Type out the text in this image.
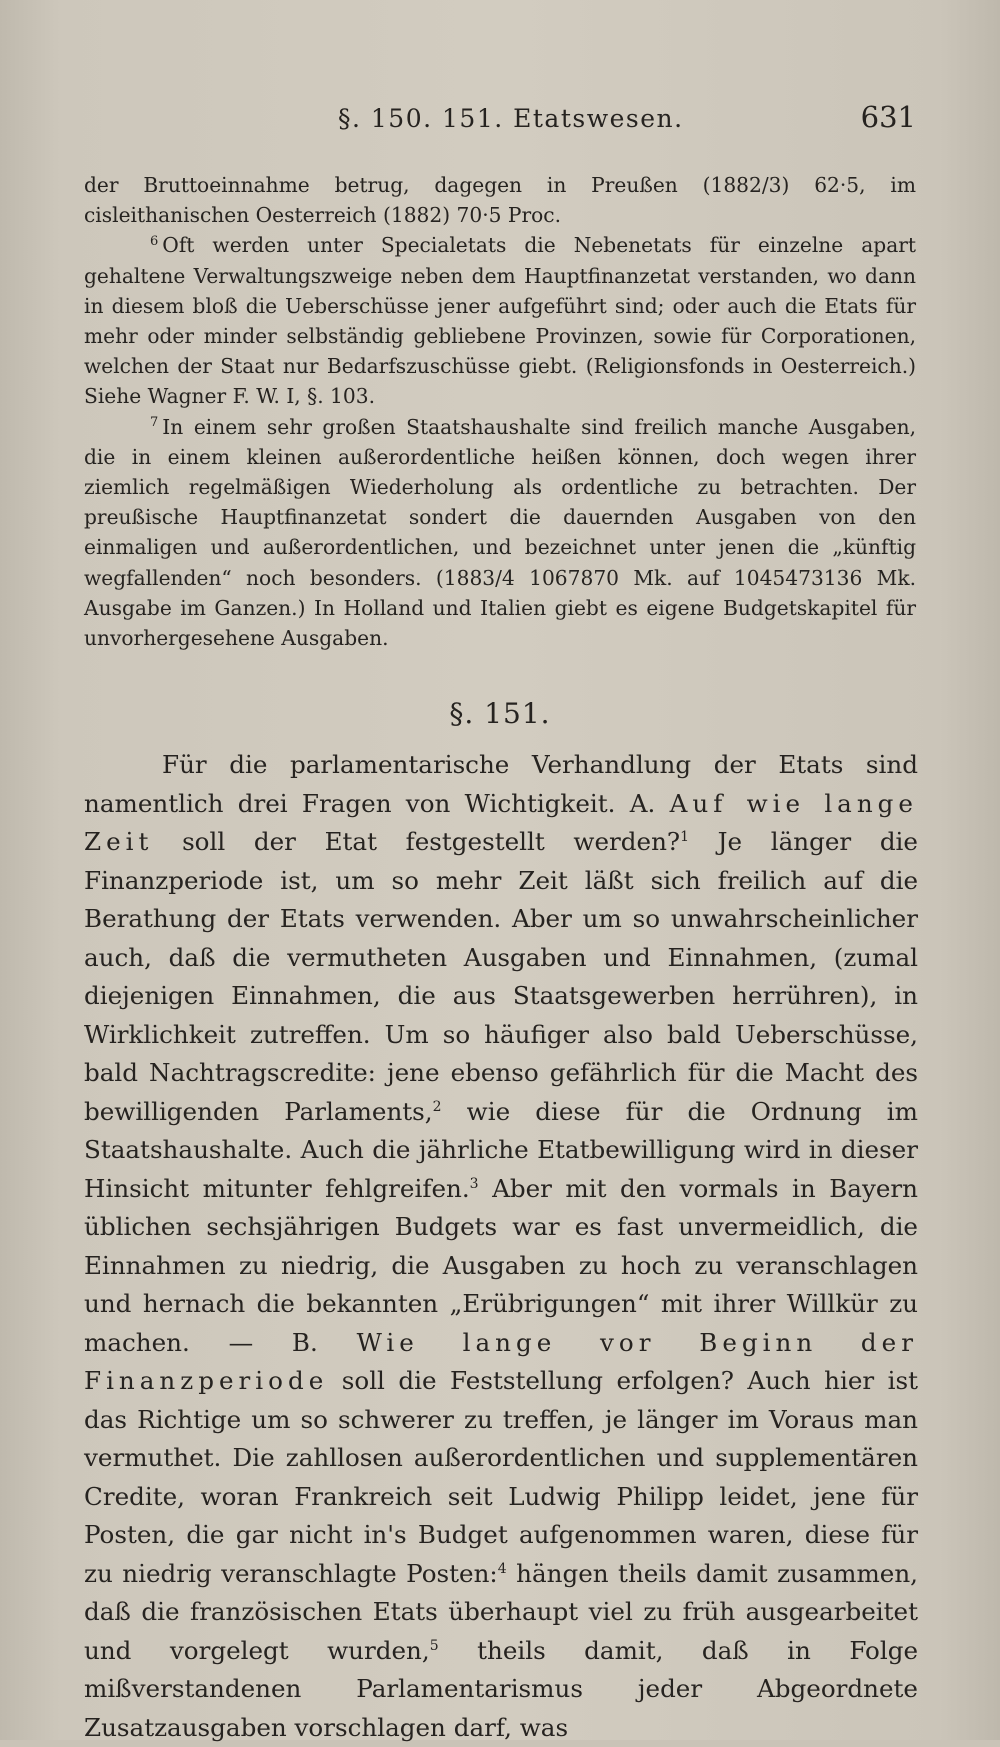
§. 150. 151. Etatswesen.	631

der Bruttoeinnahme betrug, dagegen in Preußen (1882/3) 62·5, im cisleithanischen Oesterreich (1882) 70·5 Proc.

$^6$ Oft werden unter Specialetats die Nebenetats für einzelne apart gehaltene Verwaltungszweige neben dem Hauptfinanzetat verstanden, wo dann in diesem bloß die Ueberschüsse jener aufgeführt sind; oder auch die Etats für mehr oder minder selbständig gebliebene Provinzen, sowie für Corporationen, welchen der Staat nur Bedarfszuschüsse giebt. (Religionsfonds in Oesterreich.) Siehe Wagner F. W. I, §. 103.

$^7$ In einem sehr großen Staatshaushalte sind freilich manche Ausgaben, die in einem kleinen außerordentliche heißen können, doch wegen ihrer ziemlich regelmäßigen Wiederholung als ordentliche zu betrachten. Der preußische Hauptfinanzetat sondert die dauernden Ausgaben von den einmaligen und außerordentlichen, und bezeichnet unter jenen die „künftig wegfallenden“ noch besonders. (1883/4 1067870 Mk. auf 1045473136 Mk. Ausgabe im Ganzen.) In Holland und Italien giebt es eigene Budgetskapitel für unvorhergesehene Ausgaben.

§. 151.

Für die parlamentarische Verhandlung der Etats sind namentlich drei Fragen von Wichtigkeit. A. Auf wie lange Zeit soll der Etat festgestellt werden?$^1$ Je länger die Finanzperiode ist, um so mehr Zeit läßt sich freilich auf die Berathung der Etats verwenden. Aber um so unwahrscheinlicher auch, daß die vermutheten Ausgaben und Einnahmen, (zumal diejenigen Einnahmen, die aus Staatsgewerben herrühren), in Wirklichkeit zutreffen. Um so häufiger also bald Ueberschüsse, bald Nachtragscredite: jene ebenso gefährlich für die Macht des bewilligenden Parlaments,$^2$ wie diese für die Ordnung im Staatshaushalte. Auch die jährliche Etatbewilligung wird in dieser Hinsicht mitunter fehlgreifen.$^3$ Aber mit den vormals in Bayern üblichen sechsjährigen Budgets war es fast unvermeidlich, die Einnahmen zu niedrig, die Ausgaben zu hoch zu veranschlagen und hernach die bekannten „Erübrigungen“ mit ihrer Willkür zu machen. — B. Wie lange vor Beginn der Finanzperiode soll die Feststellung erfolgen? Auch hier ist das Richtige um so schwerer zu treffen, je länger im Voraus man vermuthet. Die zahllosen außerordentlichen und supplementären Credite, woran Frankreich seit Ludwig Philipp leidet, jene für Posten, die gar nicht in's Budget aufgenommen waren, diese für zu niedrig veranschlagte Posten:$^4$ hängen theils damit zusammen, daß die französischen Etats überhaupt viel zu früh ausgearbeitet und vorgelegt wurden,$^5$ theils damit, daß in Folge mißverstandenen Parlamentarismus jeder Abgeordnete Zusatzausgaben vorschlagen darf, was
